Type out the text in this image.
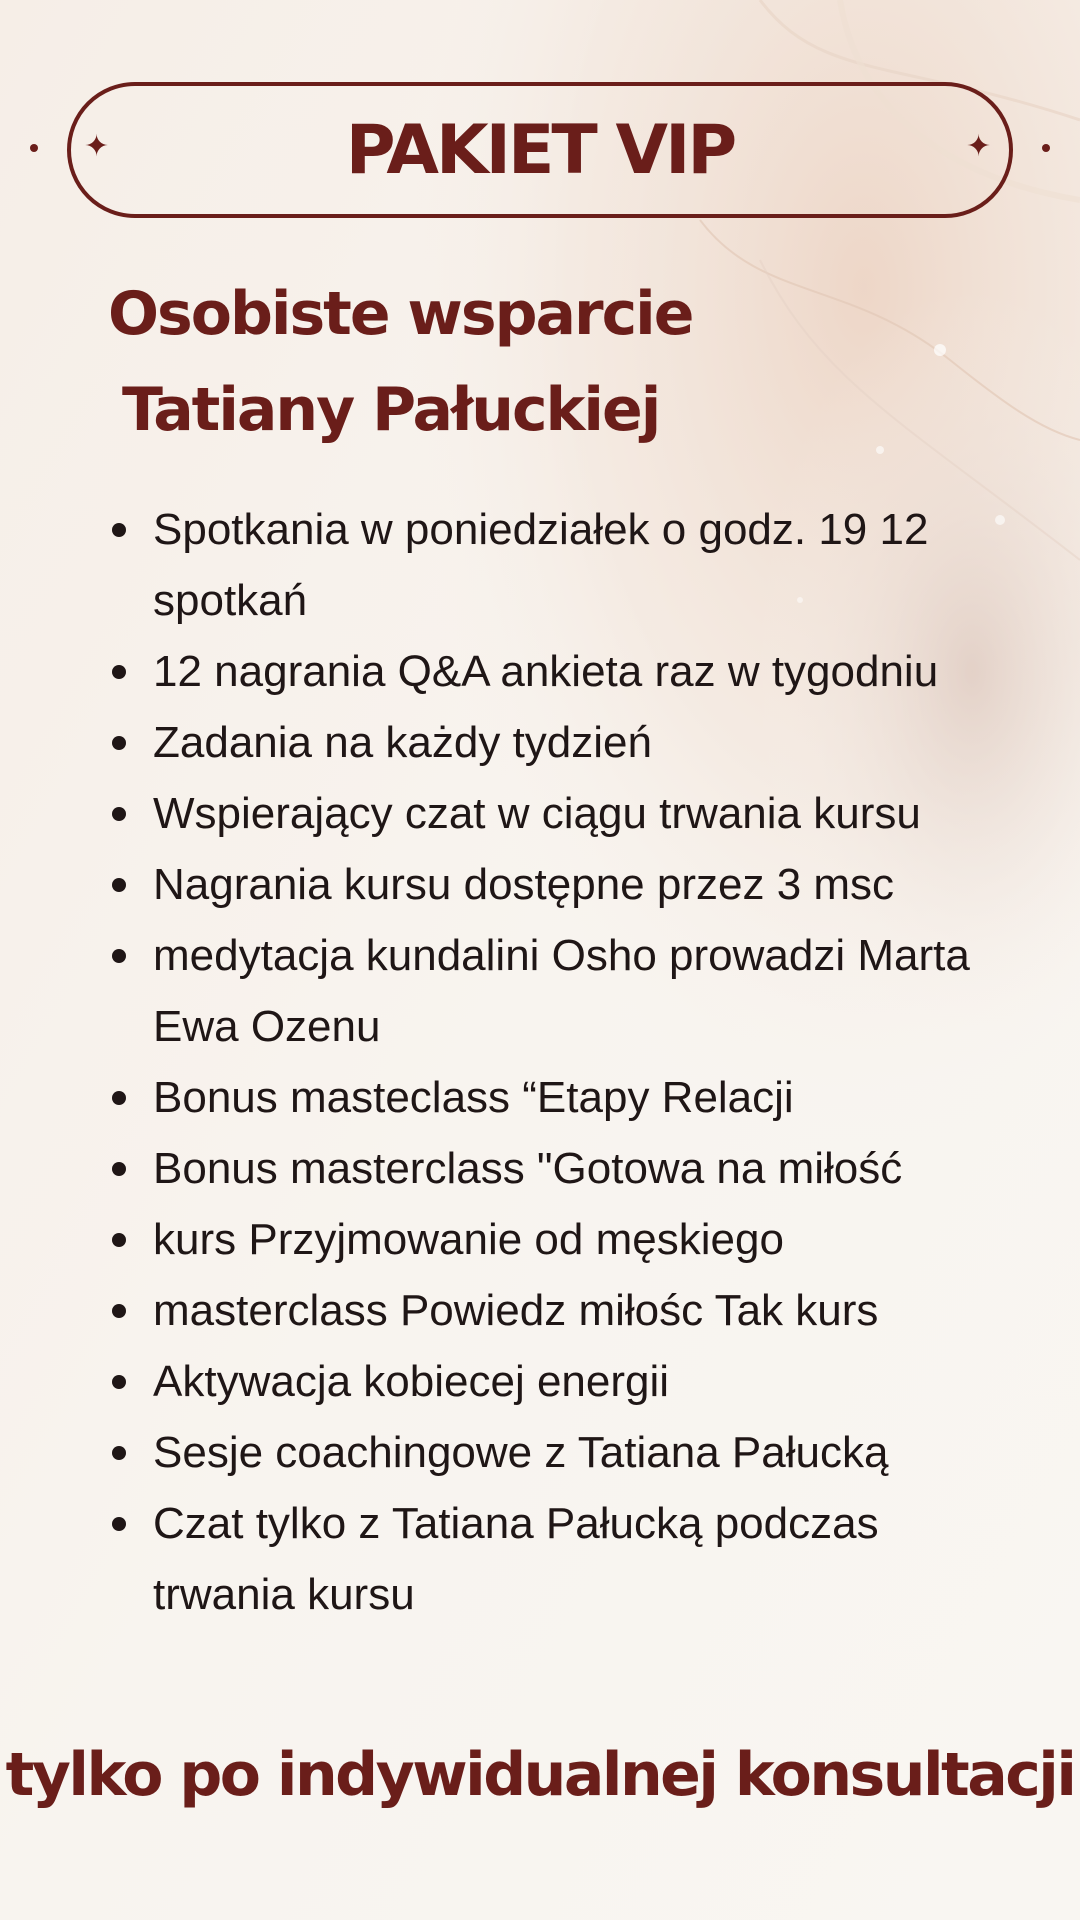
✦	✦
PAKIET VIP
Osobiste wsparcie
Tatiany Pałuckiej
Spotkania w poniedziałek o godz. 19 12 spotkań
12 nagrania Q&A ankieta raz w tygodniu
Zadania na każdy tydzień
Wspierający czat w ciągu trwania kursu
Nagrania kursu dostępne przez 3 msc
medytacja kundalini Osho prowadzi Marta Ewa Ozenu
Bonus masteclass “Etapy Relacji
Bonus masterclass "Gotowa na miłość
kurs Przyjmowanie od męskiego
masterclass Powiedz miłośc Tak kurs
Aktywacja kobiecej energii
Sesje coachingowe z Tatiana Pałucką
Czat tylko z Tatiana Pałucką podczas trwania kursu
tylko po indywidualnej konsultacji
